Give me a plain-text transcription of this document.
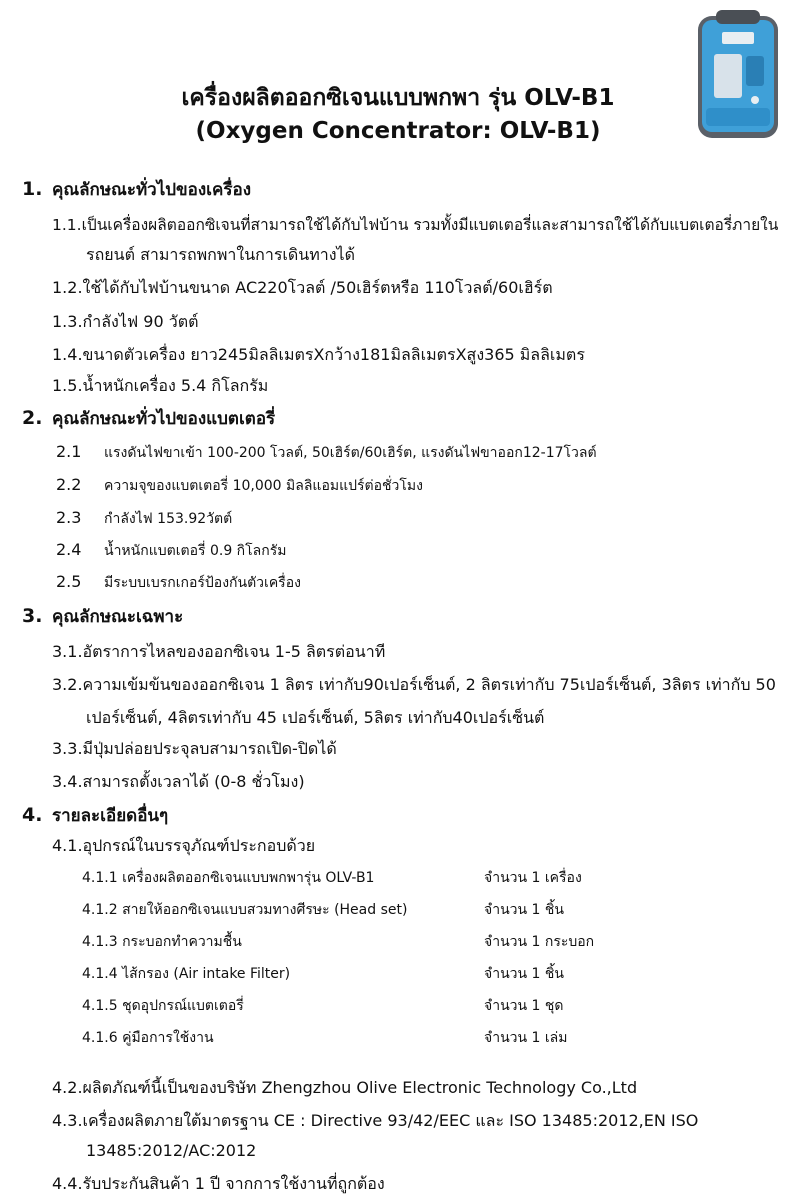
เครื่องผลิตออกซิเจนแบบพกพา รุ่น OLV-B1
(Oxygen Concentrator: OLV-B1)
1. คุณลักษณะทั่วไปของเครื่อง
1.1.เป็นเครื่องผลิตออกซิเจนที่สามารถใช้ได้กับไฟบ้าน รวมทั้งมีแบตเตอรี่และสามารถใช้ได้กับแบตเตอรี่ภายใน
รถยนต์ สามารถพกพาในการเดินทางได้
1.2.ใช้ได้กับไฟบ้านขนาด AC220โวลต์ /50เฮิร์ตหรือ 110โวลต์/60เฮิร์ต
1.3.กำลังไฟ 90 วัตต์
1.4.ขนาดตัวเครื่อง ยาว245มิลลิเมตรXกว้าง181มิลลิเมตรXสูง365 มิลลิเมตร
1.5.น้ำหนักเครื่อง 5.4 กิโลกรัม
2. คุณลักษณะทั่วไปของแบตเตอรี่
2.1 แรงดันไฟขาเข้า 100-200 โวลต์, 50เฮิร์ต/60เฮิร์ต, แรงดันไฟขาออก12-17โวลต์
2.2 ความจุของแบตเตอรี่ 10,000 มิลลิแอมแปร์ต่อชั่วโมง
2.3 กำลังไฟ 153.92วัตต์
2.4 น้ำหนักแบตเตอรี่ 0.9 กิโลกรัม
2.5 มีระบบเบรกเกอร์ป้องกันตัวเครื่อง
3. คุณลักษณะเฉพาะ
3.1.อัตราการไหลของออกซิเจน 1-5 ลิตรต่อนาที
3.2.ความเข้มข้นของออกซิเจน 1 ลิตร เท่ากับ90เปอร์เซ็นต์, 2 ลิตรเท่ากับ 75เปอร์เซ็นต์, 3ลิตร เท่ากับ 50
เปอร์เซ็นต์, 4ลิตรเท่ากับ 45 เปอร์เซ็นต์, 5ลิตร เท่ากับ40เปอร์เซ็นต์
3.3.มีปุ่มปล่อยประจุลบสามารถเปิด-ปิดได้
3.4.สามารถตั้งเวลาได้ (0-8 ชั่วโมง)
4. รายละเอียดอื่นๆ
4.1.อุปกรณ์ในบรรจุภัณฑ์ประกอบด้วย
4.1.1 เครื่องผลิตออกซิเจนแบบพกพารุ่น OLV-B1	จำนวน 1 เครื่อง
4.1.2 สายให้ออกซิเจนแบบสวมทางศีรษะ (Head set)	จำนวน 1 ชิ้น
4.1.3 กระบอกทำความชื้น	จำนวน 1 กระบอก
4.1.4 ไส้กรอง (Air intake Filter)	จำนวน 1 ชิ้น
4.1.5 ชุดอุปกรณ์แบตเตอรี่	จำนวน 1 ชุด
4.1.6 คู่มือการใช้งาน	จำนวน 1 เล่ม
4.2.ผลิตภัณฑ์นี้เป็นของบริษัท Zhengzhou Olive Electronic Technology Co.,Ltd
4.3.เครื่องผลิตภายใต้มาตรฐาน CE : Directive 93/42/EEC และ ISO 13485:2012,EN ISO
13485:2012/AC:2012
4.4.รับประกันสินค้า 1 ปี จากการใช้งานที่ถูกต้อง
